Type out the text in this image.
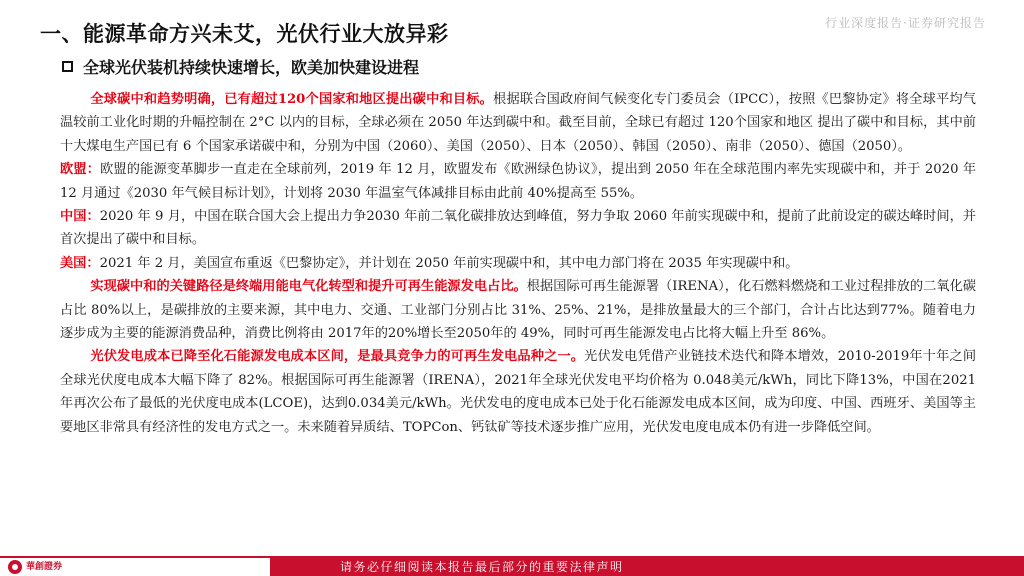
一、能源革命方兴未艾，光伏行业大放异彩	行业深度报告·证券研究报告
全球光伏装机持续快速增长，欧美加快建设进程

全球碳中和趋势明确，已有超过120个国家和地区提出碳中和目标。根据联合国政府间气候变化专门委员会（IPCC），按照《巴黎协定》将全球平均气温较前工业化时期的升幅控制在 2°C 以内的目标，全球必须在 2050 年达到碳中和。截至目前，全球已有超过 120个国家和地区 提出了碳中和目标，其中前十大煤电生产国已有 6 个国家承诺碳中和，分别为中国（2060）、美国（2050）、日本（2050）、韩国（2050）、南非（2050）、德国（2050）。

欧盟：欧盟的能源变革脚步一直走在全球前列，2019 年 12 月，欧盟发布《欧洲绿色协议》，提出到 2050 年在全球范围内率先实现碳中和，并于 2020 年 12 月通过《2030 年气候目标计划》，计划将 2030 年温室气体减排目标由此前 40%提高至 55%。

中国：2020 年 9 月，中国在联合国大会上提出力争2030 年前二氧化碳排放达到峰值，努力争取 2060 年前实现碳中和，提前了此前设定的碳达峰时间，并首次提出了碳中和目标。

美国：2021 年 2 月，美国宣布重返《巴黎协定》，并计划在 2050 年前实现碳中和，其中电力部门将在 2035 年实现碳中和。

实现碳中和的关键路径是终端用能电气化转型和提升可再生能源发电占比。根据国际可再生能源署（IRENA），化石燃料燃烧和工业过程排放的二氧化碳占比 80%以上，是碳排放的主要来源，其中电力、交通、工业部门分别占比 31%、25%、21%，是排放量最大的三个部门，合计占比达到77%。随着电力逐步成为主要的能源消费品种，消费比例将由 2017年的20%增长至2050年的 49%，同时可再生能源发电占比将大幅上升至 86%。

光伏发电成本已降至化石能源发电成本区间，是最具竞争力的可再生发电品种之一。光伏发电凭借产业链技术迭代和降本增效，2010-2019年十年之间全球光伏度电成本大幅下降了 82%。根据国际可再生能源署（IRENA），2021年全球光伏发电平均价格为 0.048美元/kWh，同比下降13%，中国在2021年再次公布了最低的光伏度电成本(LCOE)，达到0.034美元/kWh。光伏发电的度电成本已处于化石能源发电成本区间，成为印度、中国、西班牙、美国等主要地区非常具有经济性的发电方式之一。未来随着异质结、TOPCon、钙钛矿等技术逐步推广应用，光伏发电度电成本仍有进一步降低空间。

请务必仔细阅读本报告最后部分的重要法律声明
華創證券
